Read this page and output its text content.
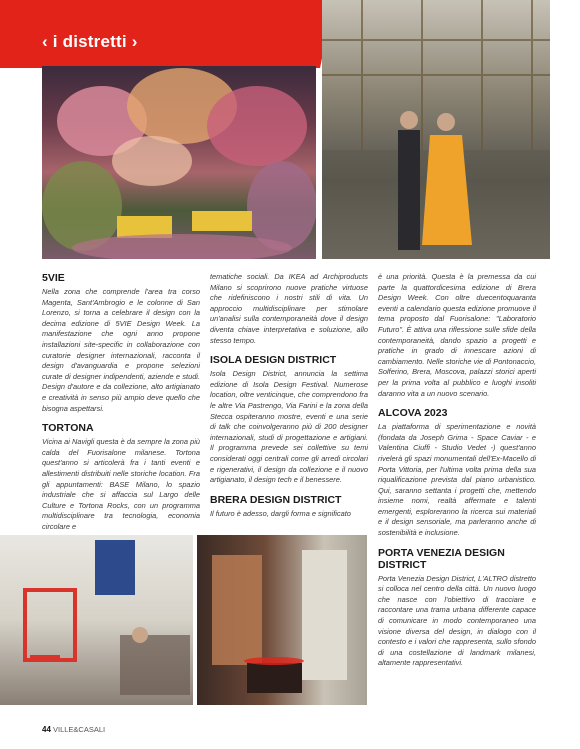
‹ i distretti ›
5VIE

Nella zona che comprende l'area tra corso Magenta, Sant'Ambrogio e le colonne di San Lorenzo, si torna a celebrare il design con la decima edizione di 5VIE Design Week. La manifestazione che ogni anno propone installazioni site-specific in collaborazione con curatorie designer internazionali, racconta il design d'avanguardia e propone selezioni curate di designer indipendenti, aziende e studi. Design d'autore e da collezione, alto artigianato e creatività in senso più ampio deve quello che bisogna aspettarsi.

TORTONA

Vicina ai Navigli questa è da sempre la zona più calda del Fuorisalone milanese. Tortona quest'anno si articolerà fra i tanti eventi e allestimenti distribuiti nelle storiche location. Fra gli appuntamenti: BASE Milano, lo spazio industriale che si affaccia sul Largo delle Culture e Tortona Rocks, con un programma multidisciplinare tra tecnologia, economia circolare e

tematiche sociali. Da IKEA ad Archiproducts Milano si scoprirono nuove pratiche virtuose che ridefiniscono i nostri stili di vita. Un approccio multidisciplinare per stimolare un'analisi sulla contemporaneità dove il design diventa chiave interpretativa e soluzione, allo stesso tempo.

ISOLA DESIGN DISTRICT

Isola Design District, annuncia la settima edizione di Isola Design Festival. Numerose location, oltre venticinque, che comprendono fra le altre Via Pastrengo, Via Farini e la zona della Stecca ospiteranno mostre, eventi e una serie di talk che coinvolgeranno più di 200 designer internazionali, studi di progettazione e artigiani. Il programma prevede sei collettive su temi considerati oggi centrali come gli arredi circolari e rigenerativi, il design da collezione e il nuovo artigianato, il design tech e il benessere.

BRERA DESIGN DISTRICT

Il futuro è adesso, dargli forma e significato

è una priorità. Questa è la premessa da cui parte la quattordicesima edizione di Brera Design Week. Con oltre duecentoquaranta eventi a calendario questa edizione promuove il tema proposto dal Fuorisalone: "Laboratorio Futuro". È attiva una riflessione sulle sfide della contemporaneità, dando spazio a progetti e pratiche in grado di innescare azioni di cambiamento. Nelle storiche vie di Pontonaccio, Solferino, Brera, Moscova, palazzi storici aperti per la prima volta al pubblico e luoghi insoliti daranno vita a un nuovo scenario.

ALCOVA 2023

La piattaforma di sperimentazione e novità (fondata da Joseph Grima - Space Caviar - e Valentina Ciuffi - Studio Vedet -) quest'anno rivelerà gli spazi monumentali dell'Ex-Macello di Porta Vittoria, per l'ultima volta prima della sua riqualificazione prevista dal piano urbanistico. Qui, saranno settanta i progetti che, mettendo insieme nomi, realtà affermate e talenti emergenti, esploreranno la ricerca sui materiali e il design sensoriale, ma parleranno anche di sostenibilità e inclusione.

PORTA VENEZIA DESIGN DISTRICT

Porta Venezia Design District, L'ALTRO distretto si colloca nel centro della città. Un nuovo luogo che nasce con l'obiettivo di tracciare e raccontare una trama urbana differente capace di comunicare in modo contemporaneo una visione diversa del design, in dialogo con il contesto e i valori che rappresenta, sullo sfondo di una costellazione di landmark milanesi, altamente rappresentativi.

44 VILLE&CASALI
